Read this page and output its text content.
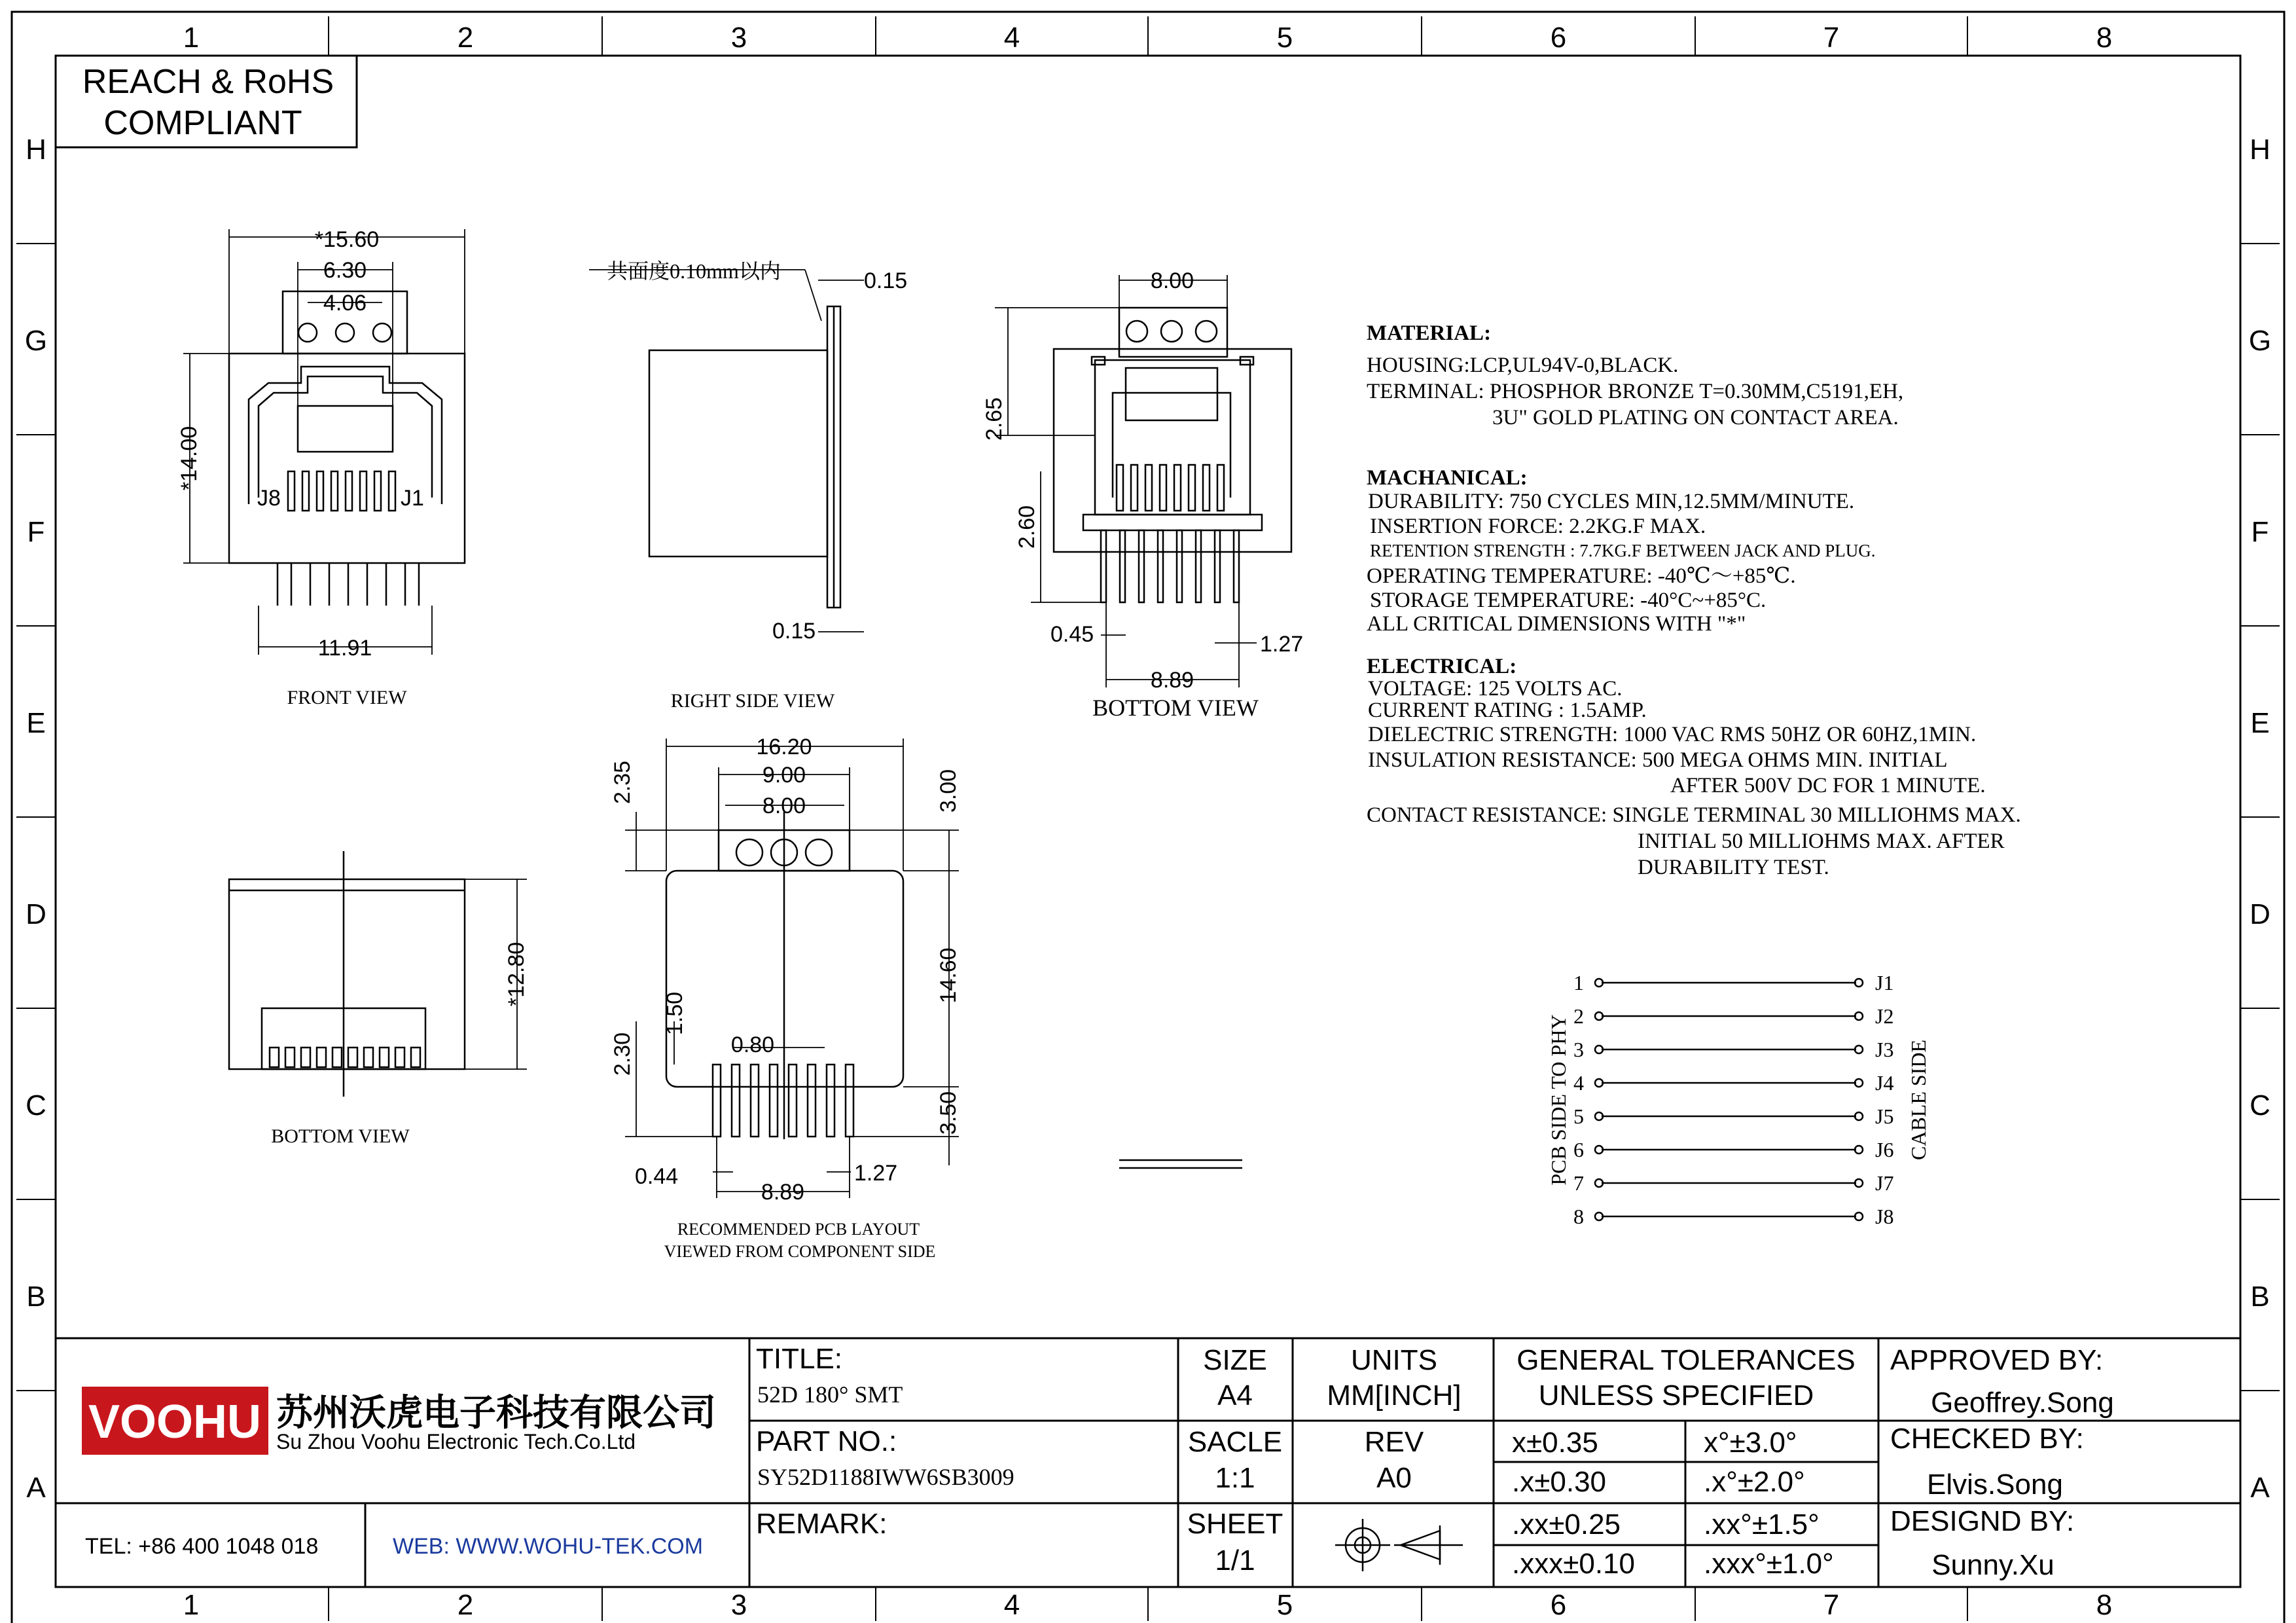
1	2	3	4	5	6	7	8
1	2	3	4	5	6	7	8
H
G
F
E
D
C
B
A
H
G
F
E
D
C
B
A
REACH & RoHS
COMPLIANT
*15.60
6.30
4.06
*14.00
11.91
J8	J1
FRONT VIEW
共面度0.10mm以内	0.15
0.15
RIGHT SIDE VIEW
8.00
2.65
2.60
0.45	1.27
8.89
BOTTOM VIEW
*12.80
BOTTOM VIEW
16.20
9.00
8.00
2.35	3.00
14.60
1.50
2.30
3.50
0.80
0.44	1.27
8.89
RECOMMENDED PCB LAYOUT
VIEWED FROM COMPONENT SIDE
MATERIAL:
HOUSING:LCP,UL94V-0,BLACK.
TERMINAL: PHOSPHOR BRONZE T=0.30MM,C5191,EH,
3U" GOLD PLATING ON CONTACT AREA.
MACHANICAL:
DURABILITY: 750 CYCLES MIN,12.5MM/MINUTE.
INSERTION FORCE: 2.2KG.F MAX.
RETENTION STRENGTH : 7.7KG.F BETWEEN JACK AND PLUG.
OPERATING TEMPERATURE: -40℃～+85℃.
STORAGE TEMPERATURE: -40°C~+85°C.
ALL CRITICAL DIMENSIONS WITH "*"
ELECTRICAL:
VOLTAGE: 125 VOLTS AC.
CURRENT RATING : 1.5AMP.
DIELECTRIC STRENGTH: 1000 VAC RMS 50HZ OR 60HZ,1MIN.
INSULATION RESISTANCE: 500 MEGA OHMS MIN. INITIAL
AFTER 500V DC FOR 1 MINUTE.
CONTACT RESISTANCE: SINGLE TERMINAL 30 MILLIOHMS MAX.
INITIAL 50 MILLIOHMS MAX. AFTER
DURABILITY TEST.
1
2
3
4
5
6
7
8
J1
J2
J3
J4
J5
J6
J7
J8
PCB SIDE TO PHY	CABLE SIDE
VOOHU 苏州沃虎电子科技有限公司
Su Zhou Voohu Electronic Tech.Co.Ltd
TEL: +86 400 1048 018	WEB: WWW.WOHU-TEK.COM
TITLE:
52D 180° SMT
PART NO.:
SY52D1188IWW6SB3009
REMARK:
SIZE
A4
SACLE
1:1
SHEET
1/1
UNITS
MM[INCH]
REV
A0
GENERAL TOLERANCES
UNLESS SPECIFIED
x±0.35	x°±3.0°
.x±0.30	.x°±2.0°
.xx±0.25	.xx°±1.5°
.xxx±0.10 .xxx°±1.0°
APPROVED BY:
Geoffrey.Song
CHECKED BY:
Elvis.Song
DESIGND BY:
Sunny.Xu
